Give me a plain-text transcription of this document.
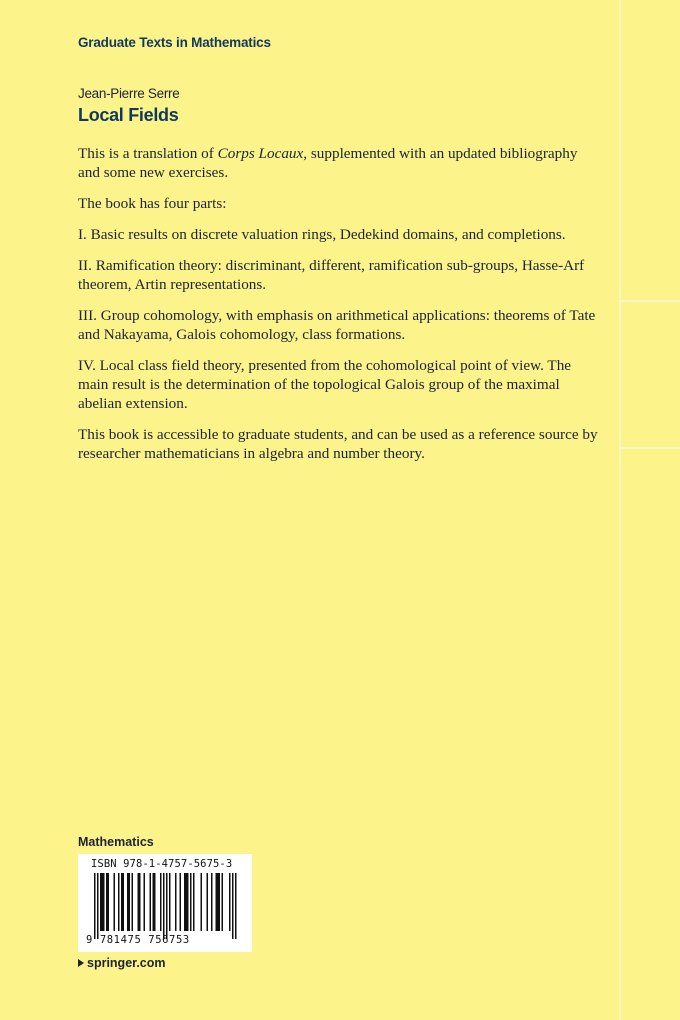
Graduate Texts in Mathematics
Jean-Pierre Serre
Local Fields

This is a translation of Corps Locaux, supplemented with an updated bibliography and some new exercises.

The book has four parts:

I. Basic results on discrete valuation rings, Dedekind domains, and completions.

II. Ramification theory: discriminant, different, ramification sub-groups, Hasse-Arf theorem, Artin representations.

III. Group cohomology, with emphasis on arithmetical applications: theorems of Tate and Nakayama, Galois cohomology, class formations.

IV. Local class field theory, presented from the cohomological point of view. The main result is the determination of the topological Galois group of the maximal abelian extension.

This book is accessible to graduate students, and can be used as a reference source by researcher mathematicians in algebra and number theory.

Mathematics
ISBN 978-1-4757-5675-3
9 781475 756753
springer.com
